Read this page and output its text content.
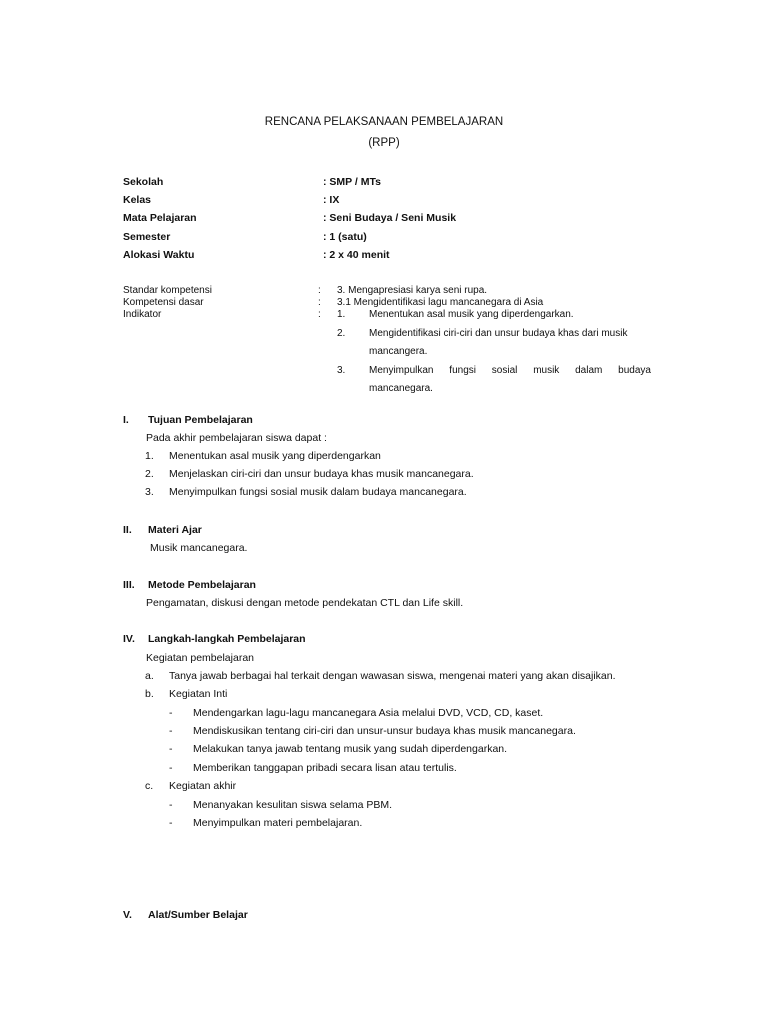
RENCANA PELAKSANAAN PEMBELAJARAN
(RPP)
Sekolah	: SMP / MTs
Kelas	: IX
Mata Pelajaran	: Seni Budaya / Seni Musik
Semester	: 1 (satu)
Alokasi Waktu	: 2 x 40 menit
Standar kompetensi	: 3. Mengapresiasi karya seni rupa.
Kompetensi dasar	: 3.1 Mengidentifikasi lagu mancanegara di Asia
Indikator	: 1. Menentukan asal musik yang diperdengarkan.
2. Mengidentifikasi ciri-ciri dan unsur budaya khas dari musik
mancangera.
3. Menyimpulkan fungsi sosial musik dalam budaya
mancanegara.
I. Tujuan Pembelajaran
Pada akhir pembelajaran siswa dapat :
1. Menentukan asal musik yang diperdengarkan
2. Menjelaskan ciri-ciri dan unsur budaya khas musik mancanegara.
3. Menyimpulkan fungsi sosial musik dalam budaya mancanegara.
II. Materi Ajar
Musik mancanegara.
III. Metode Pembelajaran
Pengamatan, diskusi dengan metode pendekatan CTL dan Life skill.
IV. Langkah-langkah Pembelajaran
Kegiatan pembelajaran
a. Tanya jawab berbagai hal terkait dengan wawasan siswa, mengenai materi yang akan disajikan.
b. Kegiatan Inti
- Mendengarkan lagu-lagu mancanegara Asia melalui DVD, VCD, CD, kaset.
- Mendiskusikan tentang ciri-ciri dan unsur-unsur budaya khas musik mancanegara.
- Melakukan tanya jawab tentang musik yang sudah diperdengarkan.
- Memberikan tanggapan pribadi secara lisan atau tertulis.
c. Kegiatan akhir
- Menanyakan kesulitan siswa selama PBM.
- Menyimpulkan materi pembelajaran.
V. Alat/Sumber Belajar
